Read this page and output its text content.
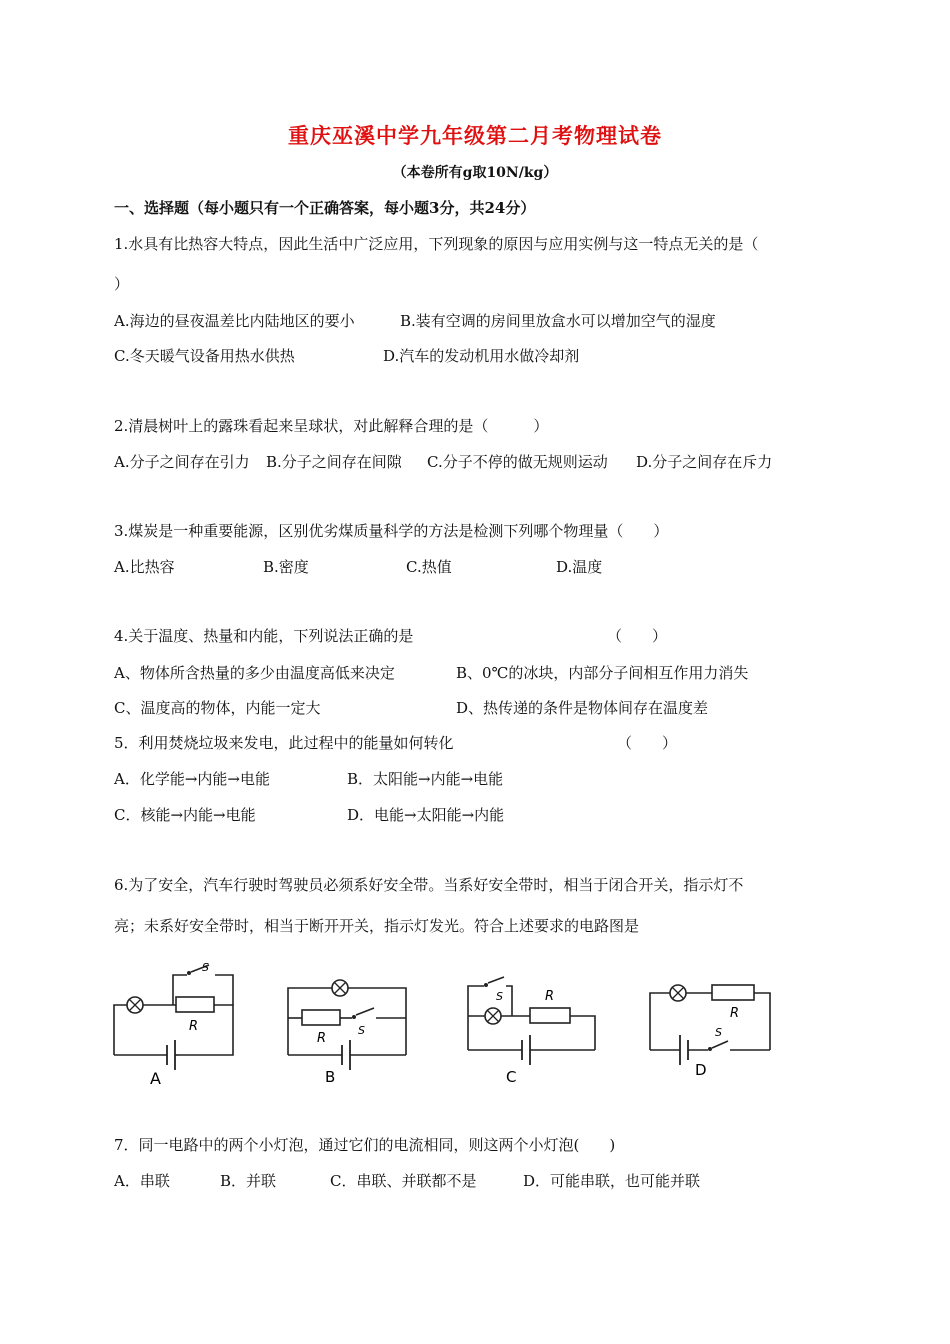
重庆巫溪中学九年级第二月考物理试卷
（本卷所有g取10N/kg）
一、选择题（每小题只有一个正确答案，每小题3分，共24分）
1.水具有比热容大特点，因此生活中广泛应用，下列现象的原因与应用实例与这一特点无关的是（
）
A.海边的昼夜温差比内陆地区的要小	B.装有空调的房间里放盒水可以增加空气的湿度
C.冬天暖气设备用热水供热	D.汽车的发动机用水做冷却剂
2.清晨树叶上的露珠看起来呈球状，对此解释合理的是（　　　）
A.分子之间存在引力 B.分子之间存在间隙 C.分子不停的做无规则运动 D.分子之间存在斥力
3.煤炭是一种重要能源，区别优劣煤质量科学的方法是检测下列哪个物理量（　　）
A.比热容	B.密度	C.热值	D.温度
4.关于温度、热量和内能，下列说法正确的是	（　　）
A、物体所含热量的多少由温度高低来决定	B、0℃的冰块，内部分子间相互作用力消失
C、温度高的物体，内能一定大	D、热传递的条件是物体间存在温度差
5．利用焚烧垃圾来发电，此过程中的能量如何转化	（　　）
A．化学能→内能→电能	B．太阳能→内能→电能
C．核能→内能→电能	D．电能→太阳能→内能
6.为了安全，汽车行驶时驾驶员必须系好安全带。当系好安全带时，相当于闭合开关，指示灯不
亮；未系好安全带时，相当于断开开关，指示灯发光。符合上述要求的电路图是
S
R
A
R
S
B
S	R
C
R
S
D
7．同一电路中的两个小灯泡，通过它们的电流相同，则这两个小灯泡(　　)
A．串联	B．并联	C．串联、并联都不是	D．可能串联，也可能并联
